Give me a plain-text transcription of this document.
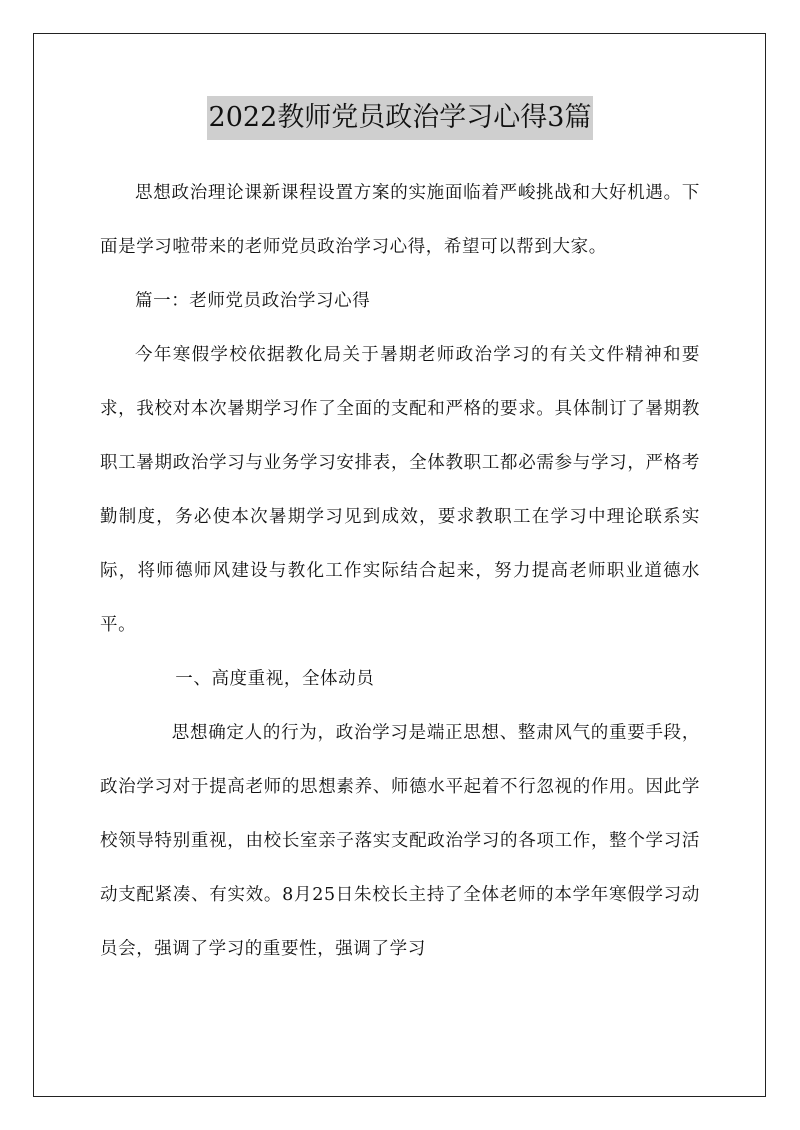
2022教师党员政治学习心得3篇

思想政治理论课新课程设置方案的实施面临着严峻挑战和大好机遇。下面是学习啦带来的老师党员政治学习心得，希望可以帮到大家。

篇一：老师党员政治学习心得

今年寒假学校依据教化局关于暑期老师政治学习的有关文件精神和要求，我校对本次暑期学习作了全面的支配和严格的要求。具体制订了暑期教职工暑期政治学习与业务学习安排表，全体教职工都必需参与学习，严格考勤制度，务必使本次暑期学习见到成效，要求教职工在学习中理论联系实际，将师德师风建设与教化工作实际结合起来，努力提高老师职业道德水平。

一、高度重视，全体动员

思想确定人的行为，政治学习是端正思想、整肃风气的重要手段，政治学习对于提高老师的思想素养、师德水平起着不行忽视的作用。因此学校领导特别重视，由校长室亲子落实支配政治学习的各项工作，整个学习活动支配紧凑、有实效。8月25日朱校长主持了全体老师的本学年寒假学习动员会，强调了学习的重要性，强调了学习
